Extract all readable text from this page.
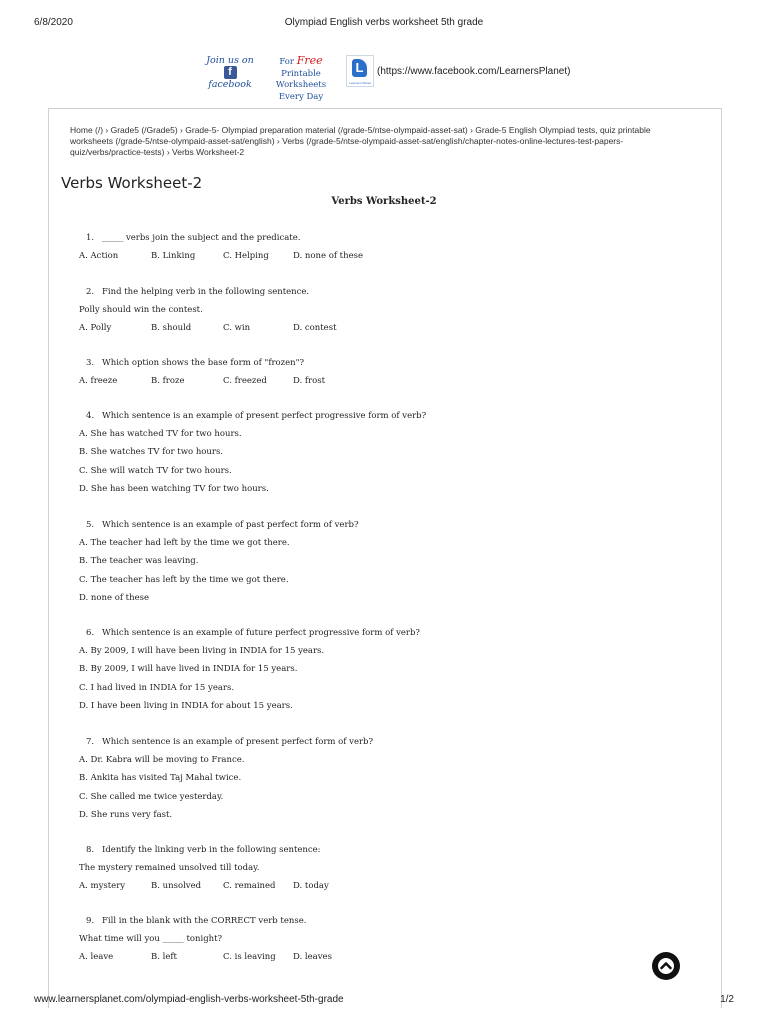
6/8/2020	Olympiad English verbs worksheet 5th grade
Join us on
f
facebook
For Free
Printable Worksheets
Every Day
L
Learners' Planet
(https://www.facebook.com/LearnersPlanet)
Home (/) › Grade5 (/Grade5) › Grade-5- Olympiad preparation material (/grade-5/ntse-olympaid-asset-sat) › Grade-5 English Olympiad tests, quiz printable worksheets (/grade-5/ntse-olympaid-asset-sat/english) › Verbs (/grade-5/ntse-olympaid-asset-sat/english/chapter-notes-online-lectures-test-papers-quiz/verbs/practice-tests) › Verbs Worksheet-2
Verbs Worksheet-2
Verbs Worksheet-2
1. _____ verbs join the subject and the predicate.
A. Action	B. Linking	C. Helping	D. none of these
2. Find the helping verb in the following sentence.
Polly should win the contest.
A. Polly	B. should	C. win	D. contest
3. Which option shows the base form of "frozen"?
A. freeze	B. froze	C. freezed	D. frost
4. Which sentence is an example of present perfect progressive form of verb?
A. She has watched TV for two hours.
B. She watches TV for two hours.
C. She will watch TV for two hours.
D. She has been watching TV for two hours.
5. Which sentence is an example of past perfect form of verb?
A. The teacher had left by the time we got there.
B. The teacher was leaving.
C. The teacher has left by the time we got there.
D. none of these
6. Which sentence is an example of future perfect progressive form of verb?
A. By 2009, I will have been living in INDIA for 15 years.
B. By 2009, I will have lived in INDIA for 15 years.
C. I had lived in INDIA for 15 years.
D. I have been living in INDIA for about 15 years.
7. Which sentence is an example of present perfect form of verb?
A. Dr. Kabra will be moving to France.
B. Ankita has visited Taj Mahal twice.
C. She called me twice yesterday.
D. She runs very fast.
8. Identify the linking verb in the following sentence:
The mystery remained unsolved till today.
A. mystery	B. unsolved	C. remained D. today
9. Fill in the blank with the CORRECT verb tense.
What time will you _____ tonight?
A. leave	B. left	C. is leaving D. leaves
www.learnersplanet.com/olympiad-english-verbs-worksheet-5th-grade	1/2
